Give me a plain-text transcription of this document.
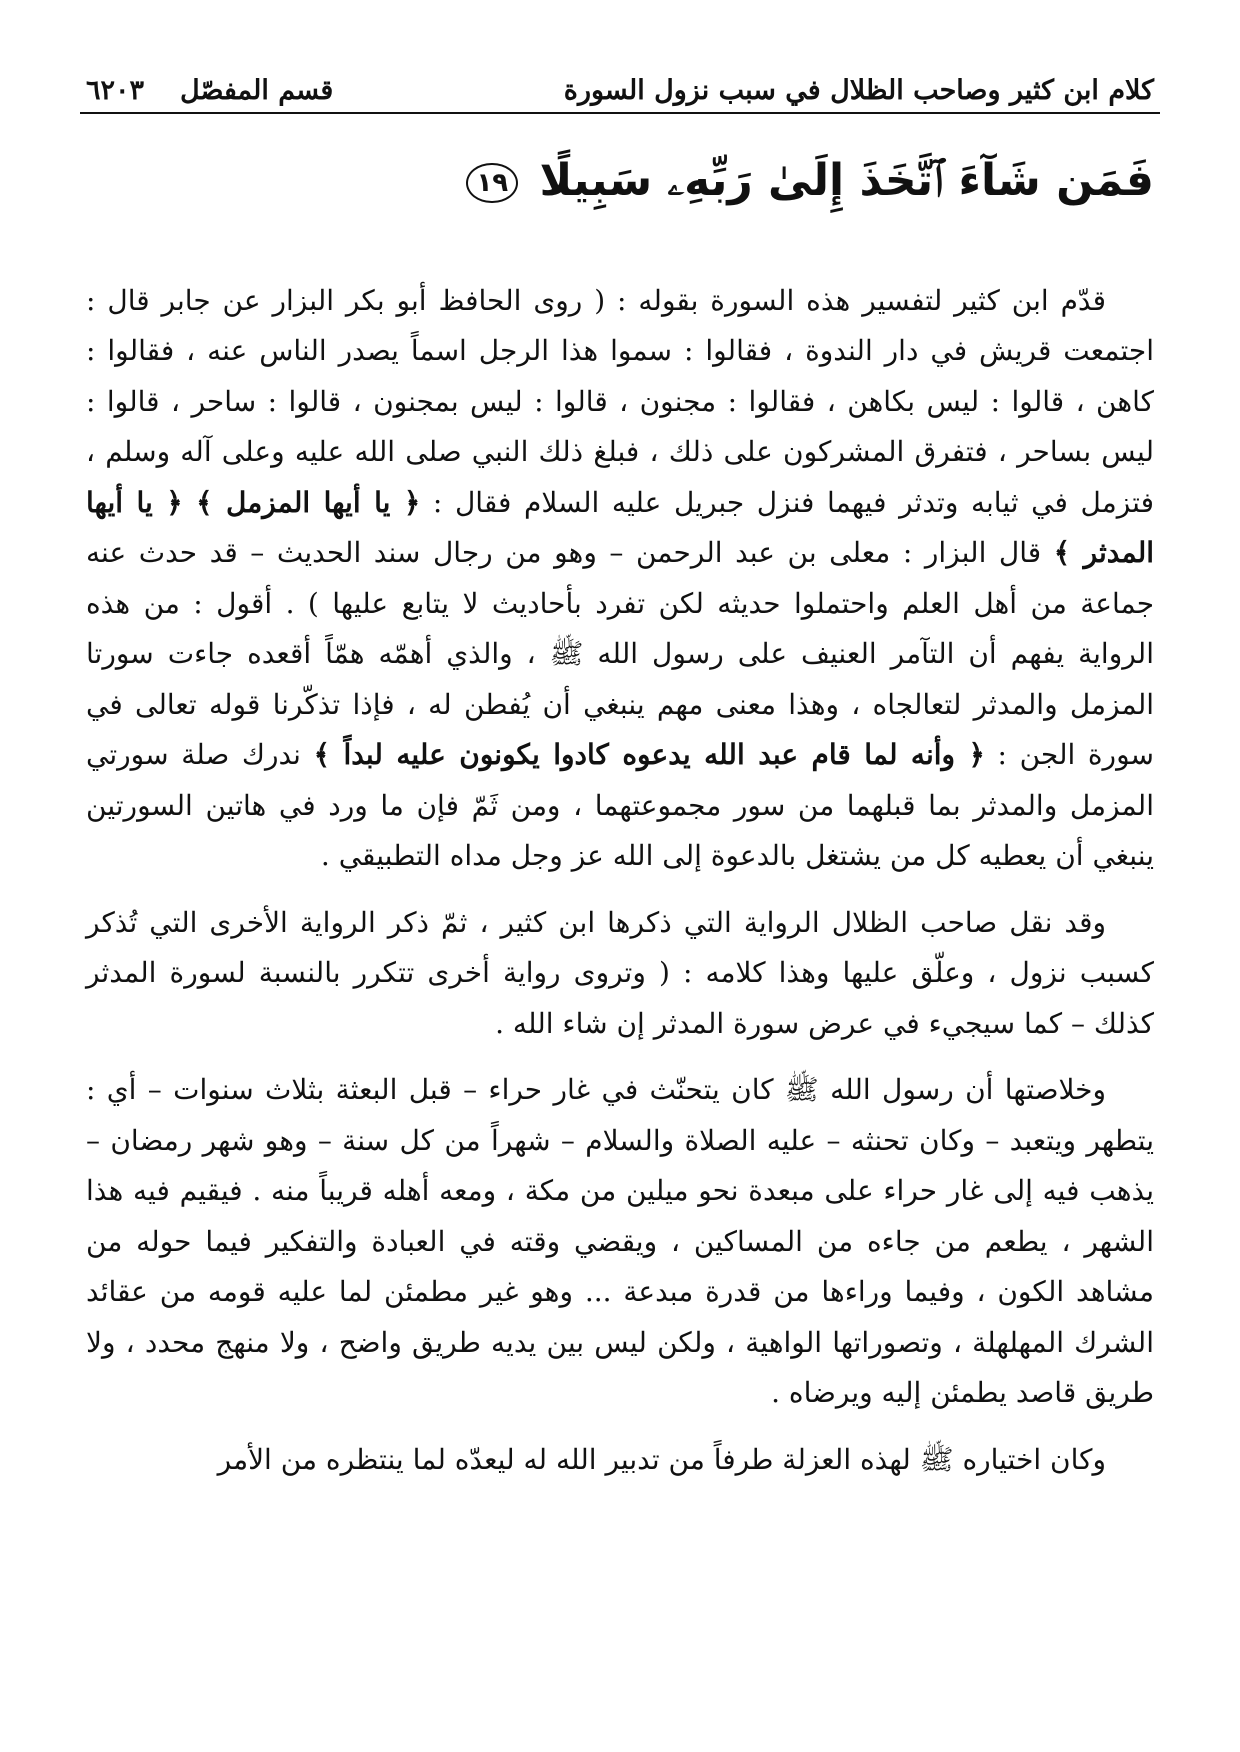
كلام ابن كثير وصاحب الظلال في سبب نزول السورة
قسم المفصّل
٦٢٠٣
فَمَن شَآءَ ٱتَّخَذَ إِلَىٰ رَبِّهِۦ سَبِيلًا ١٩

قدّم ابن كثير لتفسير هذه السورة بقوله : ( روى الحافظ أبو بكر البزار عن جابر قال : اجتمعت قريش في دار الندوة ، فقالوا : سموا هذا الرجل اسماً يصدر الناس عنه ، فقالوا : كاهن ، قالوا : ليس بكاهن ، فقالوا : مجنون ، قالوا : ليس بمجنون ، قالوا : ساحر ، قالوا : ليس بساحر ، فتفرق المشركون على ذلك ، فبلغ ذلك النبي صلى الله عليه وعلى آله وسلم ، فتزمل في ثيابه وتدثر فيهما فنزل جبريل عليه السلام فقال : ﴿ يا أيها المزمل ﴾ ﴿ يا أيها المدثر ﴾ قال البزار : معلى بن عبد الرحمن – وهو من رجال سند الحديث – قد حدث عنه جماعة من أهل العلم واحتملوا حديثه لكن تفرد بأحاديث لا يتابع عليها ) . أقول : من هذه الرواية يفهم أن التآمر العنيف على رسول الله ﷺ ، والذي أهمّه همّاً أقعده جاءت سورتا المزمل والمدثر لتعالجاه ، وهذا معنى مهم ينبغي أن يُفطن له ، فإذا تذكّرنا قوله تعالى في سورة الجن : ﴿ وأنه لما قام عبد الله يدعوه كادوا يكونون عليه لبداً ﴾ ندرك صلة سورتي المزمل والمدثر بما قبلهما من سور مجموعتهما ، ومن ثَمّ فإن ما ورد في هاتين السورتين ينبغي أن يعطيه كل من يشتغل بالدعوة إلى الله عز وجل مداه التطبيقي .

وقد نقل صاحب الظلال الرواية التي ذكرها ابن كثير ، ثمّ ذكر الرواية الأخرى التي تُذكر كسبب نزول ، وعلّق عليها وهذا كلامه : ( وتروى رواية أخرى تتكرر بالنسبة لسورة المدثر كذلك – كما سيجيء في عرض سورة المدثر إن شاء الله .

وخلاصتها أن رسول الله ﷺ كان يتحنّث في غار حراء – قبل البعثة بثلاث سنوات – أي : يتطهر ويتعبد – وكان تحنثه – عليه الصلاة والسلام – شهراً من كل سنة – وهو شهر رمضان – يذهب فيه إلى غار حراء على مبعدة نحو ميلين من مكة ، ومعه أهله قريباً منه . فيقيم فيه هذا الشهر ، يطعم من جاءه من المساكين ، ويقضي وقته في العبادة والتفكير فيما حوله من مشاهد الكون ، وفيما وراءها من قدرة مبدعة ... وهو غير مطمئن لما عليه قومه من عقائد الشرك المهلهلة ، وتصوراتها الواهية ، ولكن ليس بين يديه طريق واضح ، ولا منهج محدد ، ولا طريق قاصد يطمئن إليه ويرضاه .

وكان اختياره ﷺ لهذه العزلة طرفاً من تدبير الله له ليعدّه لما ينتظره من الأمر
